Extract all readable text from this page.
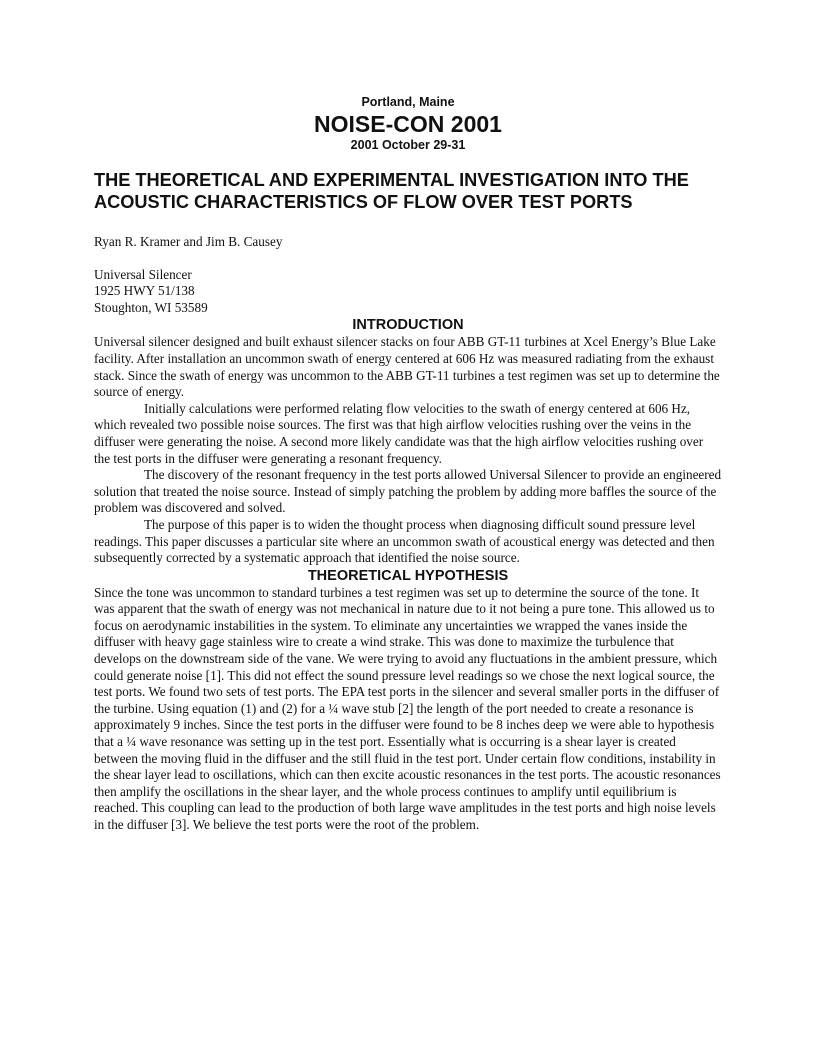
Portland, Maine
NOISE-CON 2001
2001 October 29-31
THE THEORETICAL AND EXPERIMENTAL INVESTIGATION INTO THE
ACOUSTIC CHARACTERISTICS OF FLOW OVER TEST PORTS
Ryan R. Kramer and Jim B. Causey
Universal Silencer
1925 HWY 51/138
Stoughton, WI 53589
INTRODUCTION

Universal silencer designed and built exhaust silencer stacks on four ABB GT-11 turbines at Xcel Energy’s Blue Lake facility. After installation an uncommon swath of energy centered at 606 Hz was measured radiating from the exhaust stack. Since the swath of energy was uncommon to the ABB GT-11 turbines a test regimen was set up to determine the source of energy.

Initially calculations were performed relating flow velocities to the swath of energy centered at 606 Hz, which revealed two possible noise sources. The first was that high airflow velocities rushing over the veins in the diffuser were generating the noise. A second more likely candidate was that the high airflow velocities rushing over the test ports in the diffuser were generating a resonant frequency.

The discovery of the resonant frequency in the test ports allowed Universal Silencer to provide an engineered solution that treated the noise source. Instead of simply patching the problem by adding more baffles the source of the problem was discovered and solved.

The purpose of this paper is to widen the thought process when diagnosing difficult sound pressure level readings. This paper discusses a particular site where an uncommon swath of acoustical energy was detected and then subsequently corrected by a systematic approach that identified the noise source.

THEORETICAL HYPOTHESIS

Since the tone was uncommon to standard turbines a test regimen was set up to determine the source of the tone. It was apparent that the swath of energy was not mechanical in nature due to it not being a pure tone. This allowed us to focus on aerodynamic instabilities in the system. To eliminate any uncertainties we wrapped the vanes inside the diffuser with heavy gage stainless wire to create a wind strake. This was done to maximize the turbulence that develops on the downstream side of the vane. We were trying to avoid any fluctuations in the ambient pressure, which could generate noise [1]. This did not effect the sound pressure level readings so we chose the next logical source, the test ports. We found two sets of test ports. The EPA test ports in the silencer and several smaller ports in the diffuser of the turbine. Using equation (1) and (2) for a ¼ wave stub [2] the length of the port needed to create a resonance is approximately 9 inches. Since the test ports in the diffuser were found to be 8 inches deep we were able to hypothesis that a ¼ wave resonance was setting up in the test port. Essentially what is occurring is a shear layer is created between the moving fluid in the diffuser and the still fluid in the test port. Under certain flow conditions, instability in the shear layer lead to oscillations, which can then excite acoustic resonances in the test ports. The acoustic resonances then amplify the oscillations in the shear layer, and the whole process continues to amplify until equilibrium is reached. This coupling can lead to the production of both large wave amplitudes in the test ports and high noise levels in the diffuser [3]. We believe the test ports were the root of the problem.
